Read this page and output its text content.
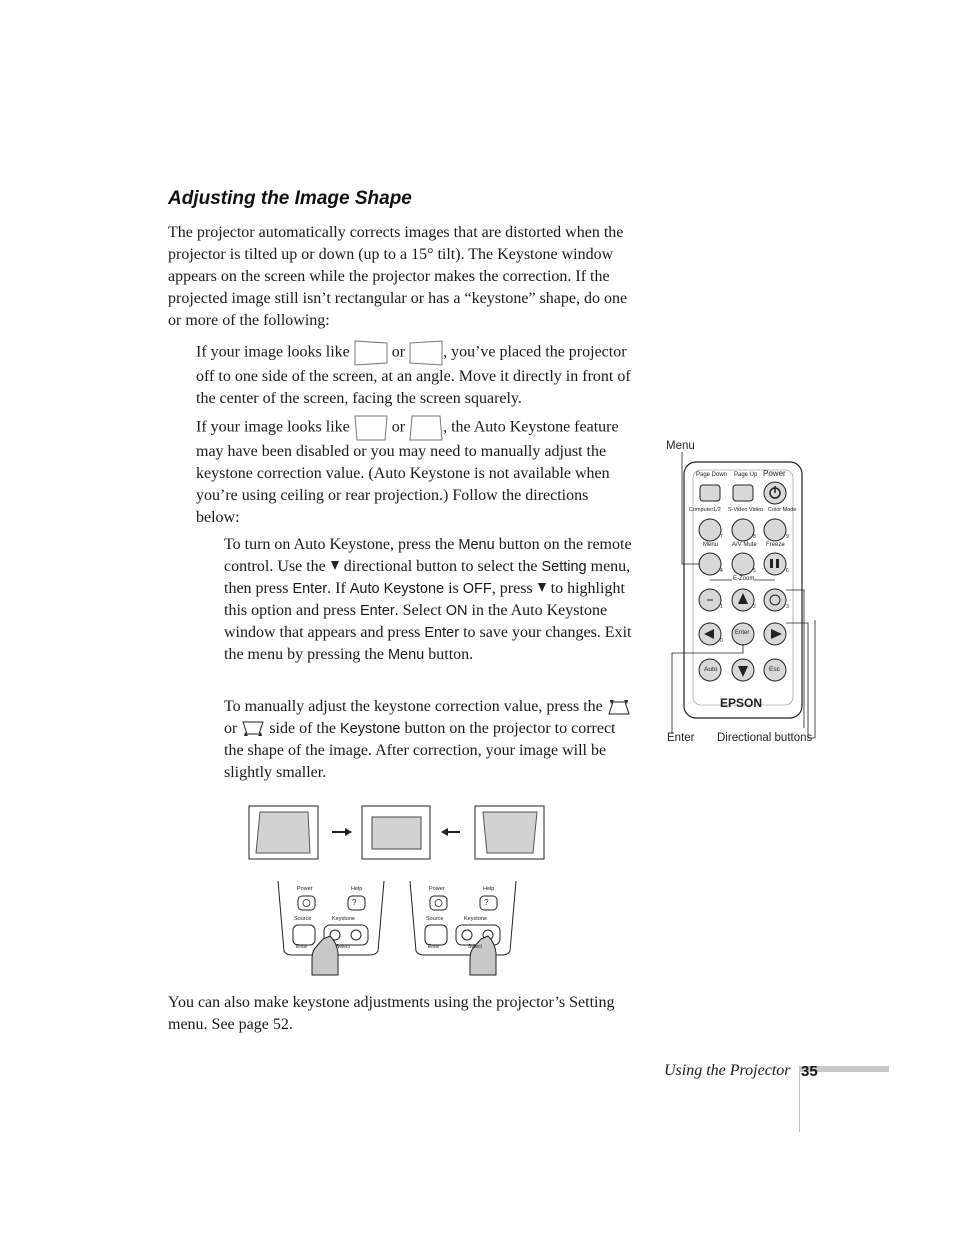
Adjusting the Image Shape
The projector automatically corrects images that are distorted when the projector is tilted up or down (up to a 15° tilt). The Keystone window appears on the screen while the projector makes the correction. If the projected image still isn’t rectangular or has a “keystone” shape, do one or more of the following:
If your image looks like	or , you’ve placed the projector off to one side of the screen, at an angle. Move it directly in front of the center of the screen, facing the screen squarely.
If your image looks like	or , the Auto Keystone feature may have been disabled or you may need to manually adjust the keystone correction value. (Auto Keystone is not available when you’re using ceiling or rear projection.) Follow the directions below:
To turn on Auto Keystone, press the Menu button on the remote control. Use the directional button to select the Setting menu, then press Enter. If Auto Keystone is OFF, press to highlight this option and press Enter. Select ON in the Auto Keystone window that appears and press Enter to save your changes. Exit the menu by pressing the Menu button.
To manually adjust the keystone correction value, press the  or side of the Keystone button on the projector to correct the shape of the image. After correction, your image will be slightly smaller.
Power	Help
?
Source	Keystone
Enter	Select
Power	Help
?
Source	Keystone
Enter	Select
You can also make keystone adjustments using the projector’s Setting menu. See page 52.
Menu
Page Down Page Up Power
Computer1/2 S-Video Video Color Mode
Menu A/V Mute Freeze
E-Zoom
Enter
Auto	Esc
EPSON
7	8	9
4	5	6
1	2	3
0
Enter Directional buttons
Using the Projector 35
